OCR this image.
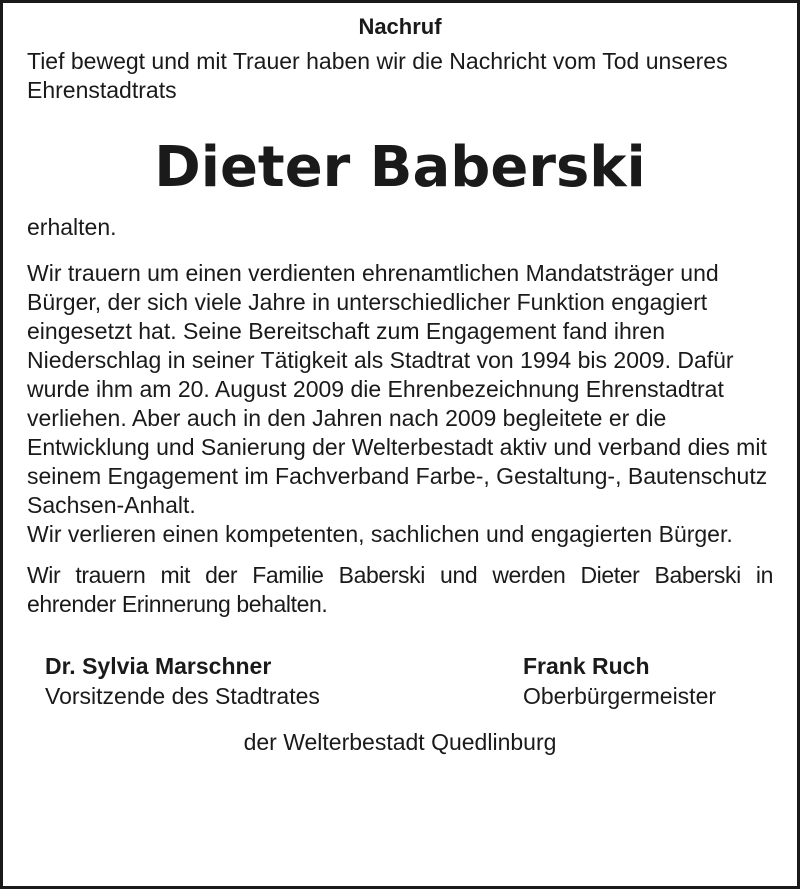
Nachruf

Tief bewegt und mit Trauer haben wir die Nachricht vom Tod unseres Ehrenstadtrats

Dieter Baberski

erhalten.

Wir trauern um einen verdienten ehrenamtlichen Mandatsträger und Bürger, der sich viele Jahre in unterschiedlicher Funktion engagiert eingesetzt hat. Seine Bereitschaft zum Engagement fand ihren Niederschlag in seiner Tätigkeit als Stadtrat von 1994 bis 2009. Dafür wurde ihm am 20. August 2009 die Ehrenbezeichnung Ehrenstadtrat verliehen. Aber auch in den Jahren nach 2009 begleitete er die Entwicklung und Sanierung der Welterbestadt aktiv und verband dies mit seinem Engagement im Fachverband Farbe-, Gestaltung-, Bautenschutz Sachsen-Anhalt.

Wir verlieren einen kompetenten, sachlichen und engagierten Bürger.

Wir trauern mit der Familie Baberski und werden Dieter Baberski in ehrender Erinnerung behalten.

Dr. Sylvia Marschner
Vorsitzende des Stadtrates
Frank Ruch
Oberbürgermeister
der Welterbestadt Quedlinburg
